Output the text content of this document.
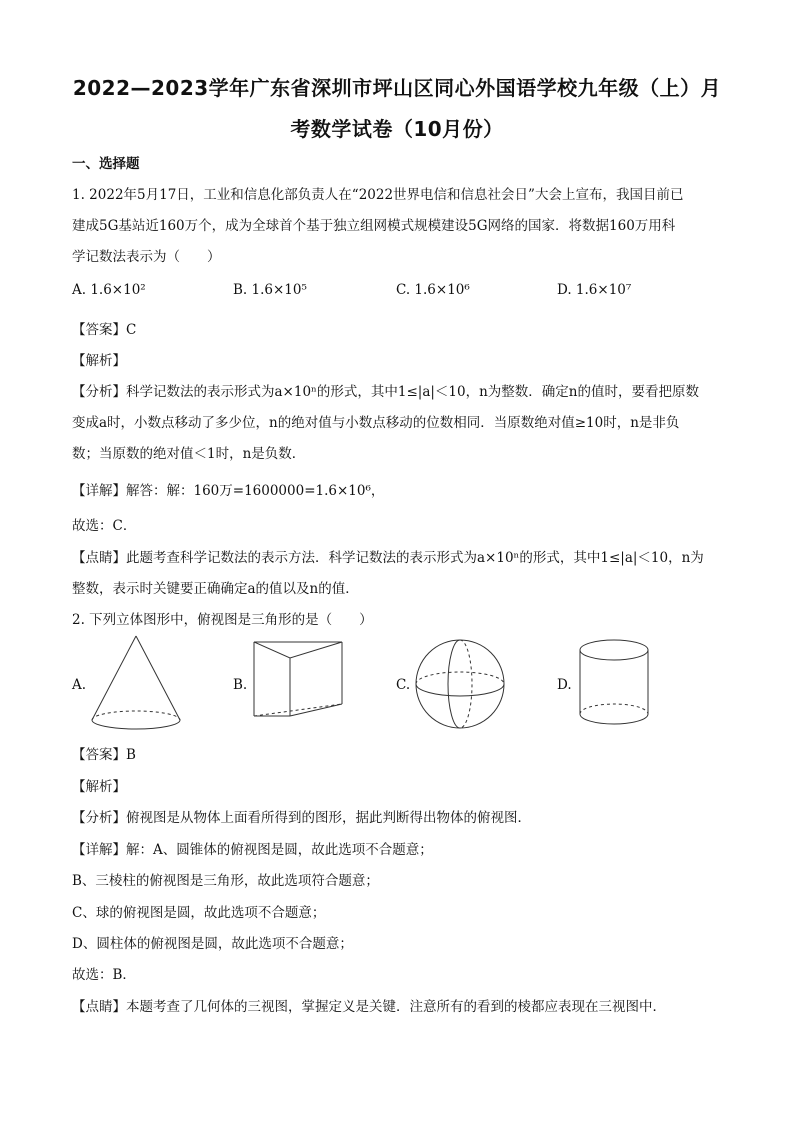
2022—2023学年广东省深圳市坪山区同心外国语学校九年级（上）月
考数学试卷（10月份）
一、选择题
1. 2022年5月17日，工业和信息化部负责人在“2022世界电信和信息社会日”大会上宣布，我国目前已
建成5G基站近160万个，成为全球首个基于独立组网模式规模建设5G网络的国家．将数据160万用科
学记数法表示为（　　）
A. 1.6×10²	B. 1.6×10⁵	C. 1.6×10⁶	D. 1.6×10⁷
【答案】C
【解析】
【分析】科学记数法的表示形式为a×10ⁿ的形式，其中1≤|a|＜10，n为整数．确定n的值时，要看把原数
变成a时，小数点移动了多少位，n的绝对值与小数点移动的位数相同．当原数绝对值≥10时，n是非负
数；当原数的绝对值＜1时，n是负数．
【详解】解答：解：160万=1600000=1.6×10⁶，
故选：C．
【点睛】此题考查科学记数法的表示方法．科学记数法的表示形式为a×10ⁿ的形式，其中1≤|a|＜10，n为
整数，表示时关键要正确确定a的值以及n的值．
2. 下列立体图形中，俯视图是三角形的是（　　）
A.	B.	C.	D.
【答案】B
【解析】
【分析】俯视图是从物体上面看所得到的图形，据此判断得出物体的俯视图．
【详解】解：A、圆锥体的俯视图是圆，故此选项不合题意；
B、三棱柱的俯视图是三角形，故此选项符合题意；
C、球的俯视图是圆，故此选项不合题意；
D、圆柱体的俯视图是圆，故此选项不合题意；
故选：B．
【点睛】本题考查了几何体的三视图，掌握定义是关键．注意所有的看到的棱都应表现在三视图中．
